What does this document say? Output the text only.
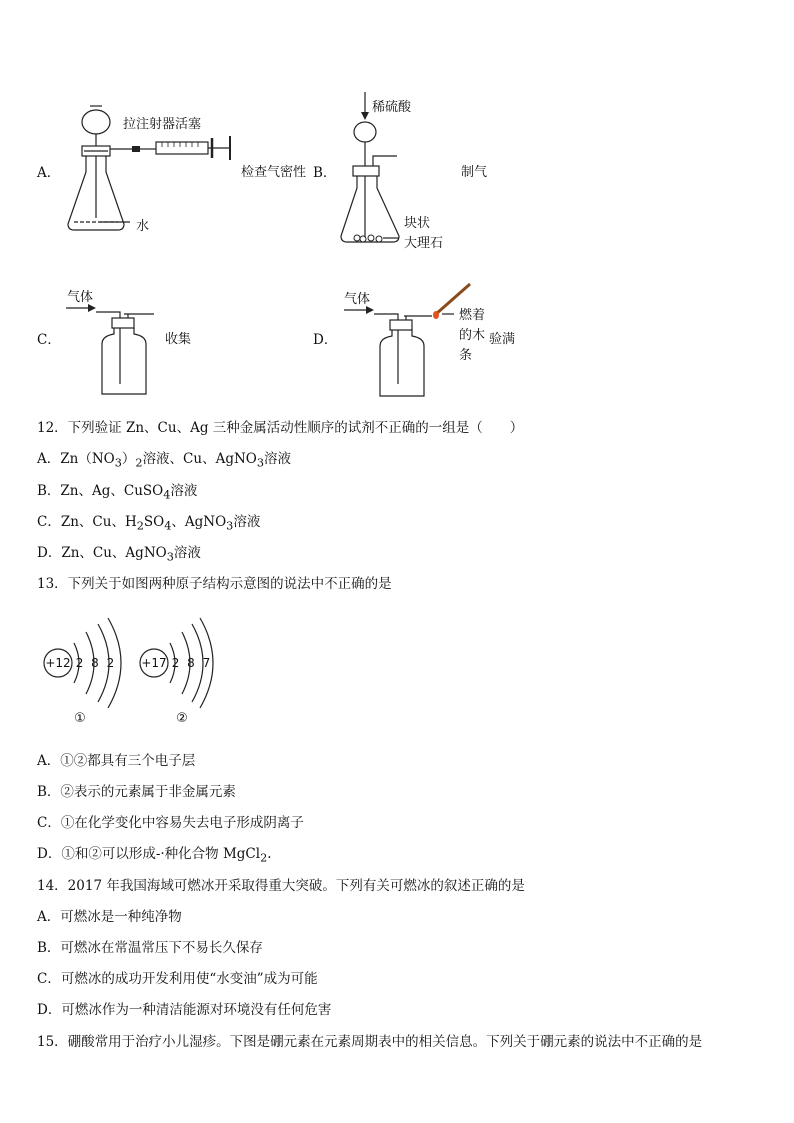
A．
拉注射器活塞
水
检查气密性 B．
稀硫酸
块状
大理石
制气
C．
气体
收集	D．
气体
燃着
的木
条
验满
12．下列验证 Zn、Cu、Ag 三种金属活动性顺序的试剂不正确的一组是（　　）
A．$Zn(NO_3)_2$溶液、Cu、AgNO$_3$溶液
B．Zn、Ag、CuSO$_4$溶液
C．Zn、Cu、$H_2SO_4$、AgNO$_3$溶液
D．Zn、Cu、AgNO$_3$溶液
13．下列关于如图两种原子结构示意图的说法中不正确的是
+12 2 8 2
①
+17 2 8 7
②
A．①②都具有三个电子层
B．②表示的元素属于非金属元素
C．①在化学变化中容易失去电子形成阴离子
D．①和②可以形成-·种化合物 MgCl$_2$.
14．2017 年我国海域可燃冰开采取得重大突破。下列有关可燃冰的叙述正确的是
A．可燃冰是一种纯净物
B．可燃冰在常温常压下不易长久保存
C．可燃冰的成功开发利用使“水变油”成为可能
D．可燃冰作为一种清洁能源对环境没有任何危害
15．硼酸常用于治疗小儿湿疹。下图是硼元素在元素周期表中的相关信息。下列关于硼元素的说法中不正确的是
